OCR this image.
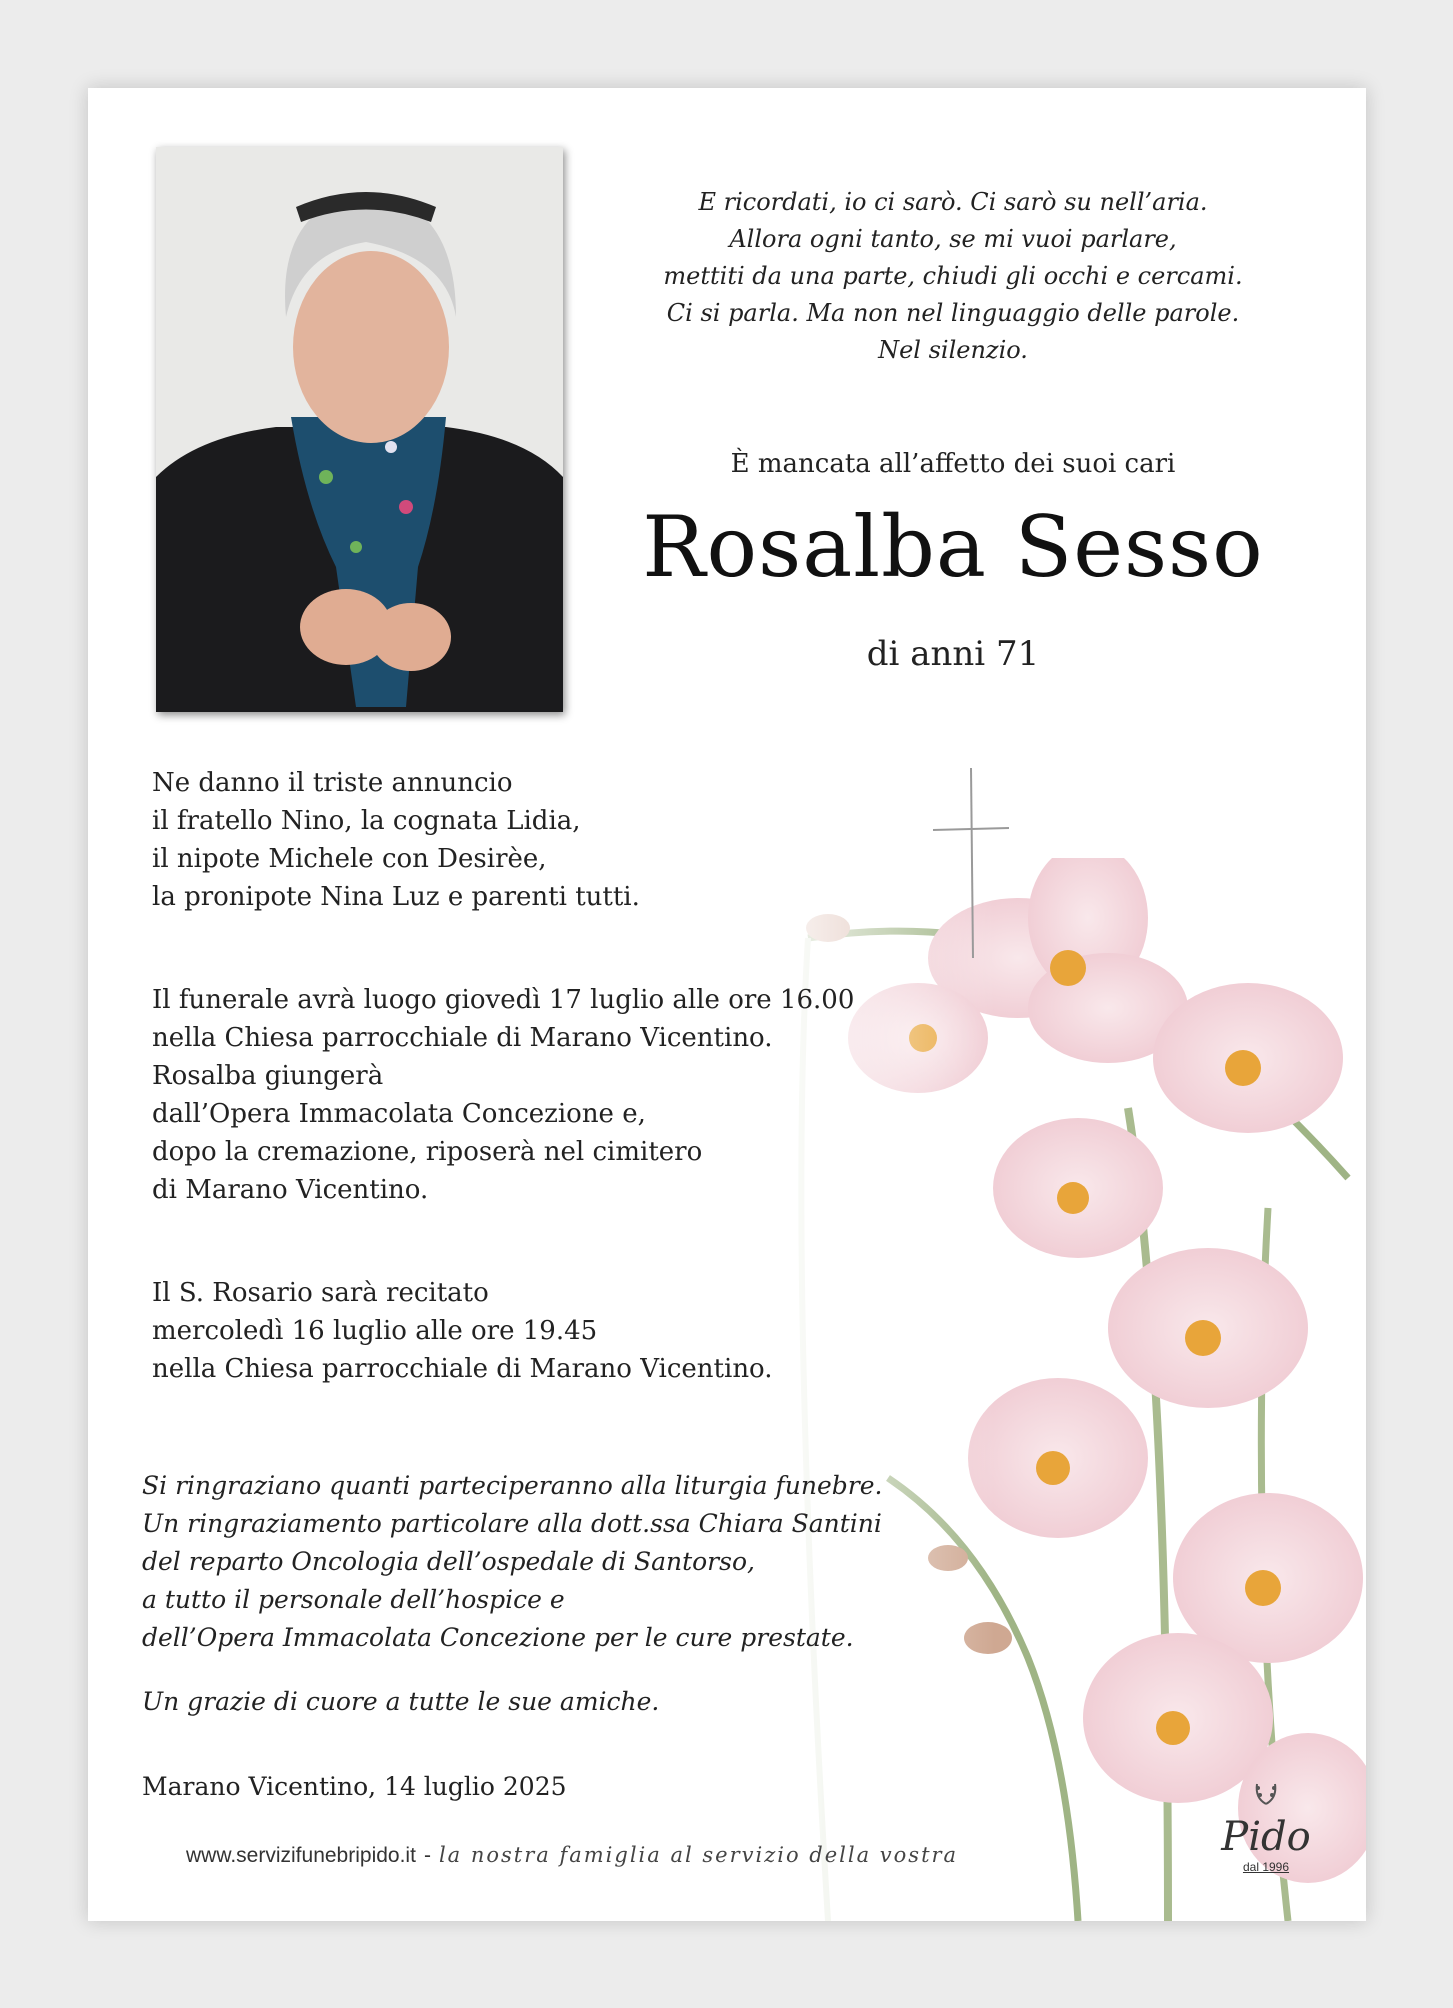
E ricordati, io ci sarò. Ci sarò su nell’aria.
Allora ogni tanto, se mi vuoi parlare,
mettiti da una parte, chiudi gli occhi e cercami.
Ci si parla. Ma non nel linguaggio delle parole.
Nel silenzio.
È mancata all’affetto dei suoi cari
Rosalba Sesso
di anni 71
Ne danno il triste annuncio
il fratello Nino, la cognata Lidia,
il nipote Michele con Desirèe,
la pronipote Nina Luz e parenti tutti.
Il funerale avrà luogo giovedì 17 luglio alle ore 16.00
nella Chiesa parrocchiale di Marano Vicentino.
Rosalba giungerà
dall’Opera Immacolata Concezione e,
dopo la cremazione, riposerà nel cimitero
di Marano Vicentino.
Il S. Rosario sarà recitato
mercoledì 16 luglio alle ore 19.45
nella Chiesa parrocchiale di Marano Vicentino.
Si ringraziano quanti parteciperanno alla liturgia funebre.
Un ringraziamento particolare alla dott.ssa Chiara Santini
del reparto Oncologia dell’ospedale di Santorso,
a tutto il personale dell’hospice e
dell’Opera Immacolata Concezione per le cure prestate.
Un grazie di cuore a tutte le sue amiche.
Marano Vicentino, 14 luglio 2025
www.servizifunebripido.it - la nostra famiglia al servizio della vostra	Pido
dal 1996
